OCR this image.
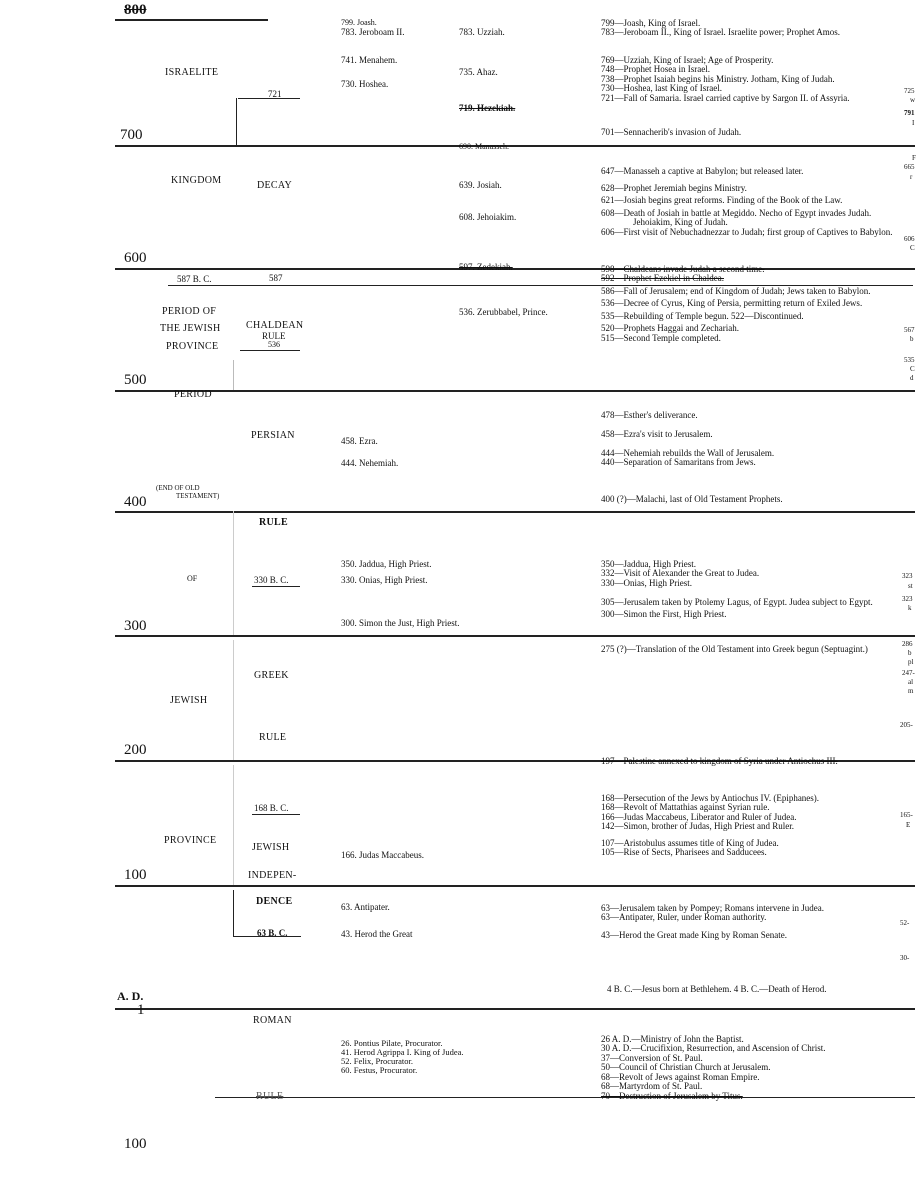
800
700
600
500
400
300
200
100
A. D.
1
100
ISRAELITE
KINGDOM
587 B. C.
PERIOD OF
THE JEWISH
PROVINCE
PERIOD
(END OF OLD
TESTAMENT)
OF
JEWISH
PROVINCE
721
DECAY
587
CHALDEAN
RULE
536
PERSIAN
RULE
330 B. C.
GREEK
RULE
168 B. C.
JEWISH
INDEPEN-
DENCE
63 B. C.
ROMAN
RULE
799. Joash.
783. Jeroboam II.
741. Menahem.
730. Hoshea.
783. Uzziah.
735. Ahaz.
719. Hezekiah.
690. Manasseh.
639. Josiah.
608. Jehoiakim.
597. Zedekiah.
536. Zerubbabel, Prince.
458. Ezra.
444. Nehemiah.
350. Jaddua, High Priest.
330. Onias, High Priest.
300. Simon the Just, High Priest.
166. Judas Maccabeus.
63. Antipater.
43. Herod the Great
26. Pontius Pilate, Procurator.
41. Herod Agrippa I. King of Judea.
52. Felix, Procurator.
60. Festus, Procurator.
799—Joash, King of Israel.
783—Jeroboam II., King of Israel. Israelite power; Prophet Amos.
769—Uzziah, King of Israel; Age of Prosperity.
748—Prophet Hosea in Israel.
738—Prophet Isaiah begins his Ministry. Jotham, King of Judah.
730—Hoshea, last King of Israel.
721—Fall of Samaria. Israel carried captive by Sargon II. of Assyria.
701—Sennacherib's invasion of Judah.
647—Manasseh a captive at Babylon; but released later.
628—Prophet Jeremiah begins Ministry.
621—Josiah begins great reforms. Finding of the Book of the Law.
608—Death of Josiah in battle at Megiddo. Necho of Egypt invades Judah. Jehoiakim, King of Judah.
606—First visit of Nebuchadnezzar to Judah; first group of Captives to Babylon.
598—Chaldeans invade Judah a second time.
592—Prophet Ezekiel in Chaldea.
586—Fall of Jerusalem; end of Kingdom of Judah; Jews taken to Babylon.
536—Decree of Cyrus, King of Persia, permitting return of Exiled Jews.
535—Rebuilding of Temple begun. 522—Discontinued.
520—Prophets Haggai and Zechariah.
515—Second Temple completed.
478—Esther's deliverance.
458—Ezra's visit to Jerusalem.
444—Nehemiah rebuilds the Wall of Jerusalem.
440—Separation of Samaritans from Jews.
400 (?)—Malachi, last of Old Testament Prophets.
350—Jaddua, High Priest.
332—Visit of Alexander the Great to Judea.
330—Onias, High Priest.
305—Jerusalem taken by Ptolemy Lagus, of Egypt. Judea subject to Egypt.
300—Simon the First, High Priest.
275 (?)—Translation of the Old Testament into Greek begun (Septuagint.)
197—Palestine annexed to kingdom of Syria under Antiochus III.
168—Persecution of the Jews by Antiochus IV. (Epiphanes).
168—Revolt of Mattathias against Syrian rule.
166—Judas Maccabeus, Liberator and Ruler of Judea.
142—Simon, brother of Judas, High Priest and Ruler.
107—Aristobulus assumes title of King of Judea.
105—Rise of Sects, Pharisees and Sadducees.
63—Jerusalem taken by Pompey; Romans intervene in Judea.
63—Antipater, Ruler, under Roman authority.
43—Herod the Great made King by Roman Senate.
4 B. C.—Jesus born at Bethlehem. 4 B. C.—Death of Herod.
26 A. D.—Ministry of John the Baptist.
30 A. D.—Crucifixion, Resurrection, and Ascension of Christ.
37—Conversion of St. Paul.
50—Council of Christian Church at Jerusalem.
68—Revolt of Jews against Roman Empire.
68—Martyrdom of St. Paul.
70—Destruction of Jerusalem by Titus.
725
w
791
I
F
665
r
606
C
567
b
535
C
d
323
st
323
k
286
b
pl
247-
al
m
205-
165-
E
52-
30-
